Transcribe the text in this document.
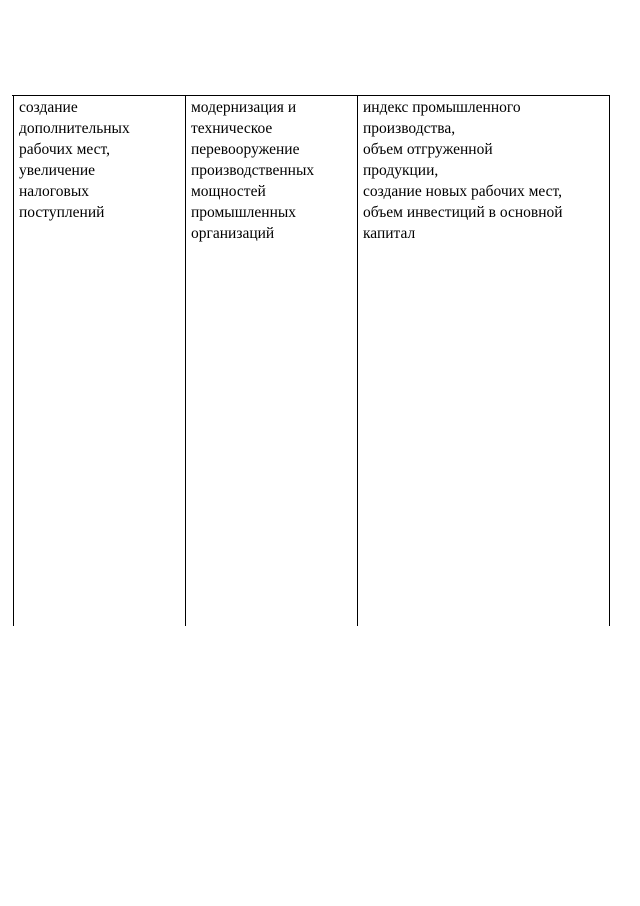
создание
дополнительных
рабочих мест,
увеличение
налоговых
поступлений
модернизация и
техническое
перевооружение
производственных
мощностей
промышленных
организаций
индекс промышленного
производства,
объем отгруженной
продукции,
создание новых рабочих мест,
объем инвестиций в основной
капитал
